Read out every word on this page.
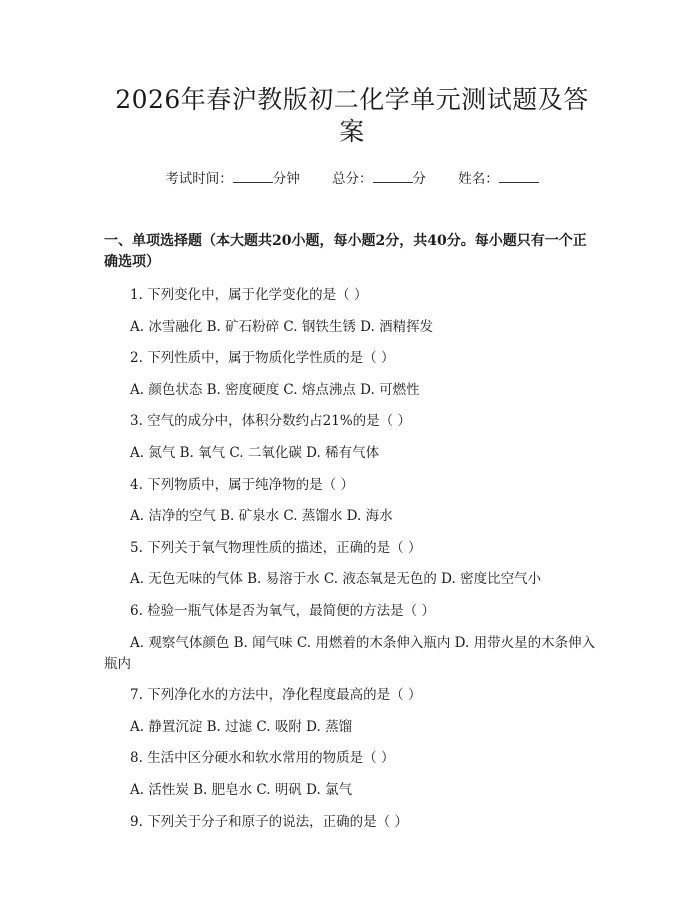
2026年春沪教版初二化学单元测试题及答案
考试时间：	分钟 总分：	分 姓名：
一、单项选择题（本大题共20小题，每小题2分，共40分。每小题只有一个正确选项）

1. 下列变化中，属于化学变化的是（ ）

A. 冰雪融化 B. 矿石粉碎 C. 钢铁生锈 D. 酒精挥发

2. 下列性质中，属于物质化学性质的是（ ）

A. 颜色状态 B. 密度硬度 C. 熔点沸点 D. 可燃性

3. 空气的成分中，体积分数约占21%的是（ ）

A. 氮气 B. 氧气 C. 二氧化碳 D. 稀有气体

4. 下列物质中，属于纯净物的是（ ）

A. 洁净的空气 B. 矿泉水 C. 蒸馏水 D. 海水

5. 下列关于氧气物理性质的描述，正确的是（ ）

A. 无色无味的气体 B. 易溶于水 C. 液态氧是无色的 D. 密度比空气小

6. 检验一瓶气体是否为氧气，最简便的方法是（ ）

A. 观察气体颜色 B. 闻气味 C. 用燃着的木条伸入瓶内 D. 用带火星的木条伸入瓶内

7. 下列净化水的方法中，净化程度最高的是（ ）

A. 静置沉淀 B. 过滤 C. 吸附 D. 蒸馏

8. 生活中区分硬水和软水常用的物质是（ ）

A. 活性炭 B. 肥皂水 C. 明矾 D. 氯气

9. 下列关于分子和原子的说法，正确的是（ ）
